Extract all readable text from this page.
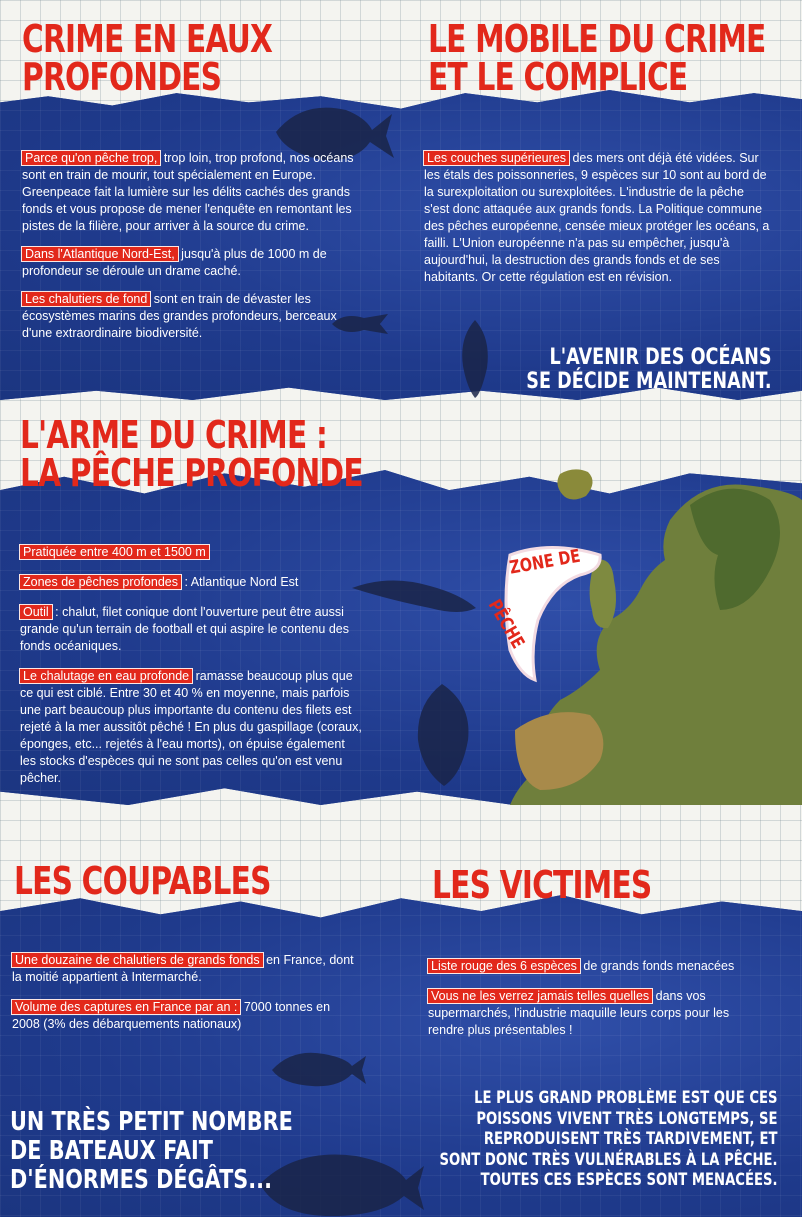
CRIME EN EAUX
PROFONDES

Parce qu'on pêche trop, trop loin, trop profond, nos océans sont en train de mourir, tout spécialement en Europe. Greenpeace fait la lumière sur les délits cachés des grands fonds et vous propose de mener l'enquête en remontant les pistes de la filière, pour arriver à la source du crime.

Dans l'Atlantique Nord-Est, jusqu'à plus de 1000 m de profondeur se déroule un drame caché.

Les chalutiers de fond sont en train de dévaster les écosystèmes marins des grandes profondeurs, berceaux d'une extraordinaire biodiversité.

LE MOBILE DU CRIME
ET LE COMPLICE

Les couches supérieures des mers ont déjà été vidées. Sur les étals des poissonneries, 9 espèces sur 10 sont au bord de la surexploitation ou surexploitées. L'industrie de la pêche s'est donc attaquée aux grands fonds. La Politique commune des pêches européenne, censée mieux protéger les océans, a failli. L'Union européenne n'a pas su empêcher, jusqu'à aujourd'hui, la destruction des grands fonds et de ses habitants. Or cette régulation est en révision.

L'AVENIR DES OCÉANS
SE DÉCIDE MAINTENANT.
L'ARME DU CRIME :
LA PÊCHE PROFONDE

Pratiquée entre 400 m et 1500 m

Zones de pêches profondes : Atlantique Nord Est

Outil : chalut, filet conique dont l'ouverture peut être aussi grande qu'un terrain de football et qui aspire le contenu des fonds océaniques.

Le chalutage en eau profonde ramasse beaucoup plus que ce qui est ciblé. Entre 30 et 40 % en moyenne, mais parfois une part beaucoup plus importante du contenu des filets est rejeté à la mer aussitôt pêché ! En plus du gaspillage (coraux, éponges, etc... rejetés à l'eau morts), on épuise également les stocks d'espèces qui ne sont pas celles qu'on est venu pêcher.

ZONE DE
PÊCHE
LES COUPABLES

Une douzaine de chalutiers de grands fonds en France, dont la moitié appartient à Intermarché.

Volume des captures en France par an : 7000 tonnes en 2008 (3% des débarquements nationaux)

UN TRÈS PETIT NOMBRE
DE BATEAUX FAIT
D'ÉNORMES DÉGÂTS...
LES VICTIMES

Liste rouge des 6 espèces de grands fonds menacées

Vous ne les verrez jamais telles quelles dans vos supermarchés, l'industrie maquille leurs corps pour les rendre plus présentables !

LE PLUS GRAND PROBLÈME EST QUE CES
POISSONS VIVENT TRÈS LONGTEMPS, SE
REPRODUISENT TRÈS TARDIVEMENT, ET
SONT DONC TRÈS VULNÉRABLES À LA PÊCHE.
TOUTES CES ESPÈCES SONT MENACÉES.
